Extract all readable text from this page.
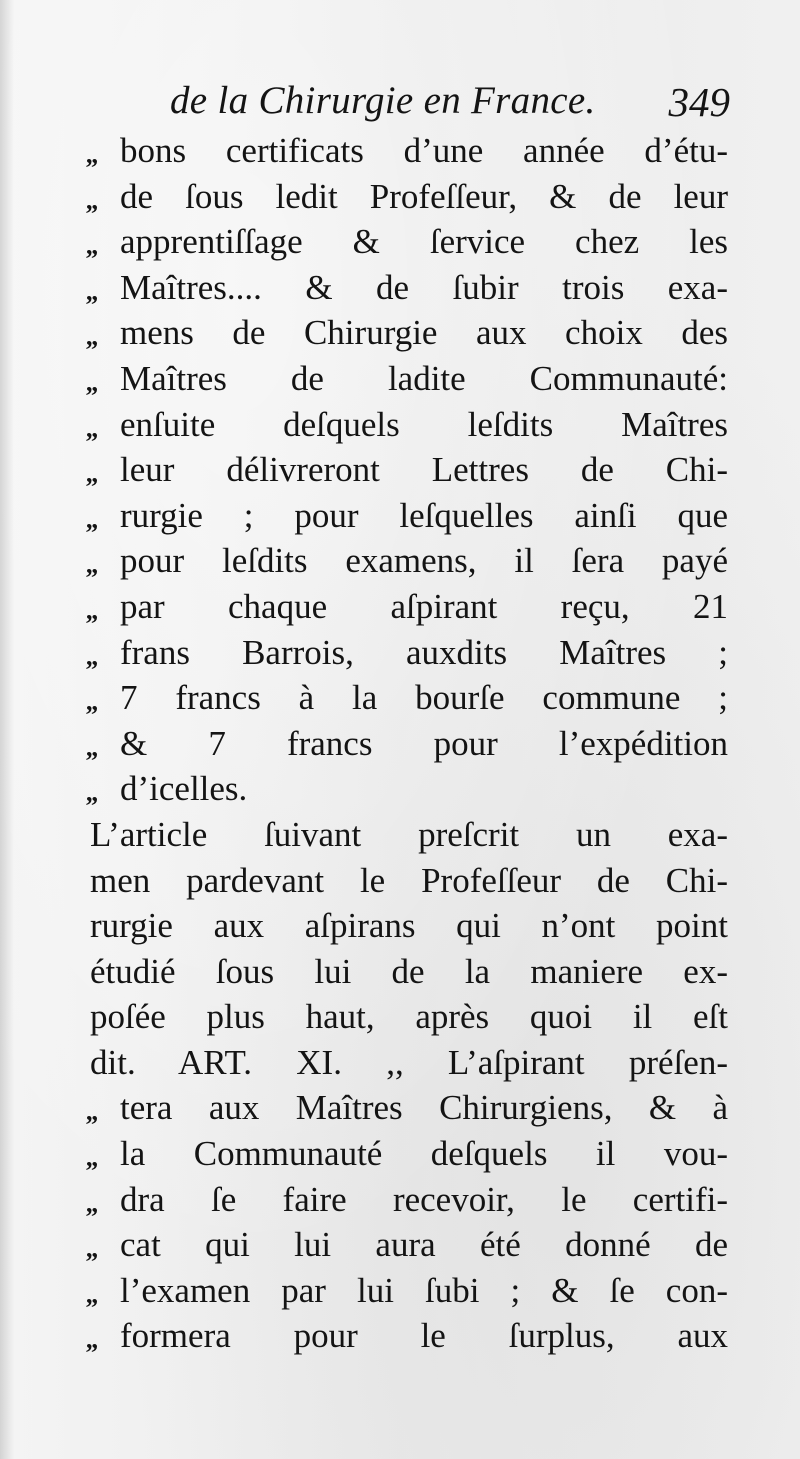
de la Chirurgie en France. 349
,, bons certificats d’une année d’étu-
,, de ſous ledit Profeſſeur, & de leur
,, apprentiſſage & ſervice chez les
,, Maîtres.... & de ſubir trois exa-
,, mens de Chirurgie aux choix des
,, Maîtres de ladite Communauté:
,, enſuite deſquels leſdits Maîtres
,, leur délivreront Lettres de Chi-
,, rurgie ; pour leſquelles ainſi que
,, pour leſdits examens, il ſera payé
,, par chaque aſpirant reçu, 21
,, frans Barrois, auxdits Maîtres ;
,, 7 francs à la bourſe commune ;
,, & 7 francs pour l’expédition
,, d’icelles.
L’article ſuivant preſcrit un exa-
men pardevant le Profeſſeur de Chi-
rurgie aux aſpirans qui n’ont point
étudié ſous lui de la maniere ex-
poſée plus haut, après quoi il eſt
dit. ART. XI. ,, L’aſpirant préſen-
,, tera aux Maîtres Chirurgiens, & à
,, la Communauté deſquels il vou-
,, dra ſe faire recevoir, le certifi-
,, cat qui lui aura été donné de
,, l’examen par lui ſubi ; & ſe con-
,, formera pour le ſurplus, aux
